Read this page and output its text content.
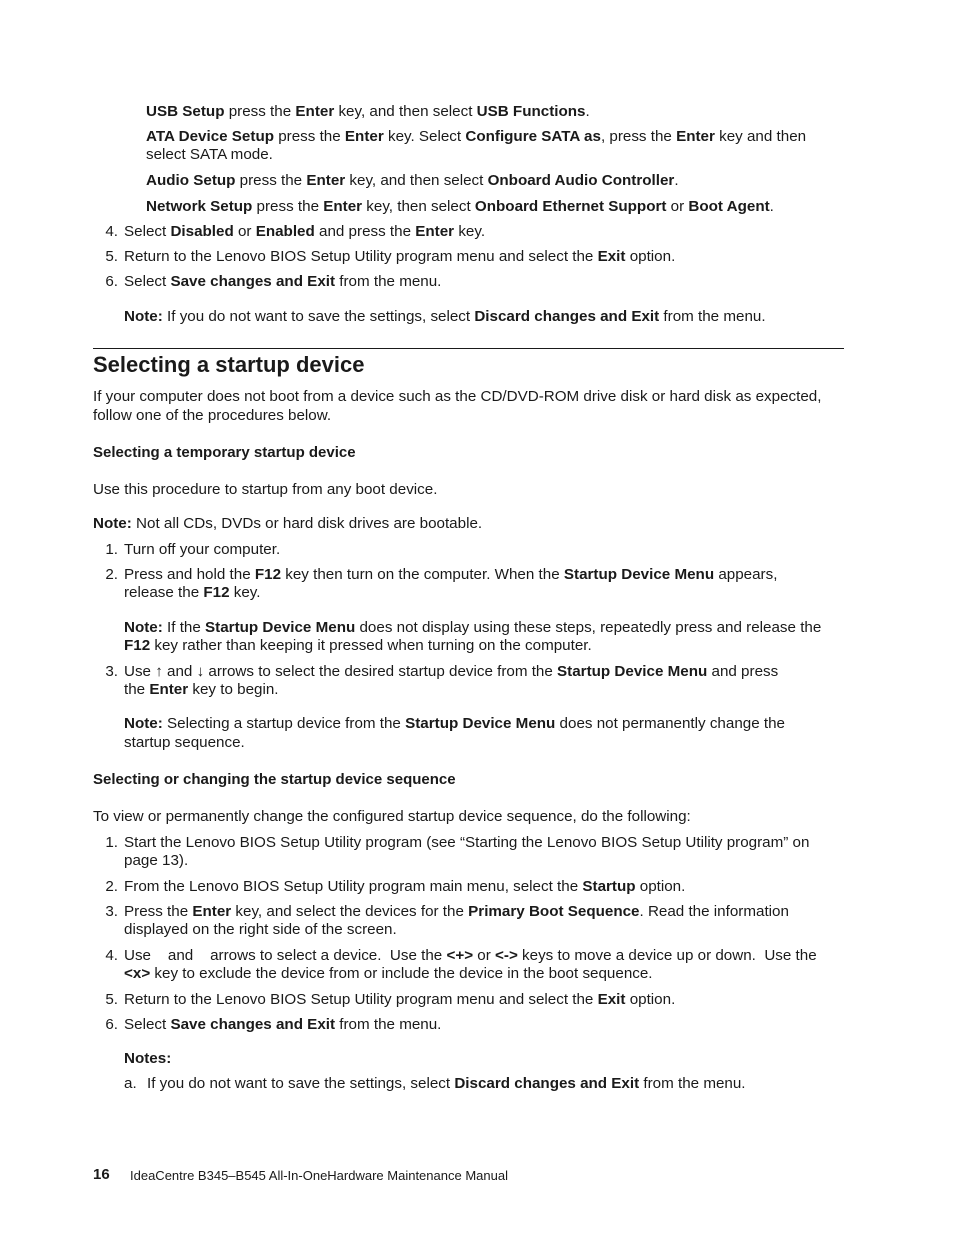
USB Setup press the Enter key, and then select USB Functions.

ATA Device Setup press the Enter key. Select Configure SATA as, press the Enter key and then

select SATA mode.

Audio Setup press the Enter key, and then select Onboard Audio Controller.

Network Setup press the Enter key, then select Onboard Ethernet Support or Boot Agent.

4. Select Disabled or Enabled and press the Enter key.

5. Return to the Lenovo BIOS Setup Utility program menu and select the Exit option.

6. Select Save changes and Exit from the menu.

Note: If you do not want to save the settings, select Discard changes and Exit from the menu.

Selecting a startup device

If your computer does not boot from a device such as the CD/DVD-ROM drive disk or hard disk as expected,

follow one of the procedures below.

Selecting a temporary startup device

Use this procedure to startup from any boot device.

Note: Not all CDs, DVDs or hard disk drives are bootable.

1. Turn off your computer.

2. Press and hold the F12 key then turn on the computer. When the Startup Device Menu appears,

release the F12 key.

Note: If the Startup Device Menu does not display using these steps, repeatedly press and release the

F12 key rather than keeping it pressed when turning on the computer.

3. Use ↑ and ↓ arrows to select the desired startup device from the Startup Device Menu and press

the Enter key to begin.

Note: Selecting a startup device from the Startup Device Menu does not permanently change the

startup sequence.

Selecting or changing the startup device sequence

To view or permanently change the configured startup device sequence, do the following:

1. Start the Lenovo BIOS Setup Utility program (see “Starting the Lenovo BIOS Setup Utility program” on

page 13).

2. From the Lenovo BIOS Setup Utility program main menu, select the Startup option.

3. Press the Enter key, and select the devices for the Primary Boot Sequence. Read the information

displayed on the right side of the screen.

4. Use    and    arrows to select a device.  Use the <+> or <-> keys to move a device up or down.  Use the

<x> key to exclude the device from or include the device in the boot sequence.

5. Return to the Lenovo BIOS Setup Utility program menu and select the Exit option.

6. Select Save changes and Exit from the menu.

Notes:

a. If you do not want to save the settings, select Discard changes and Exit from the menu.

16 IdeaCentre B345–B545 All-In-OneHardware Maintenance Manual
